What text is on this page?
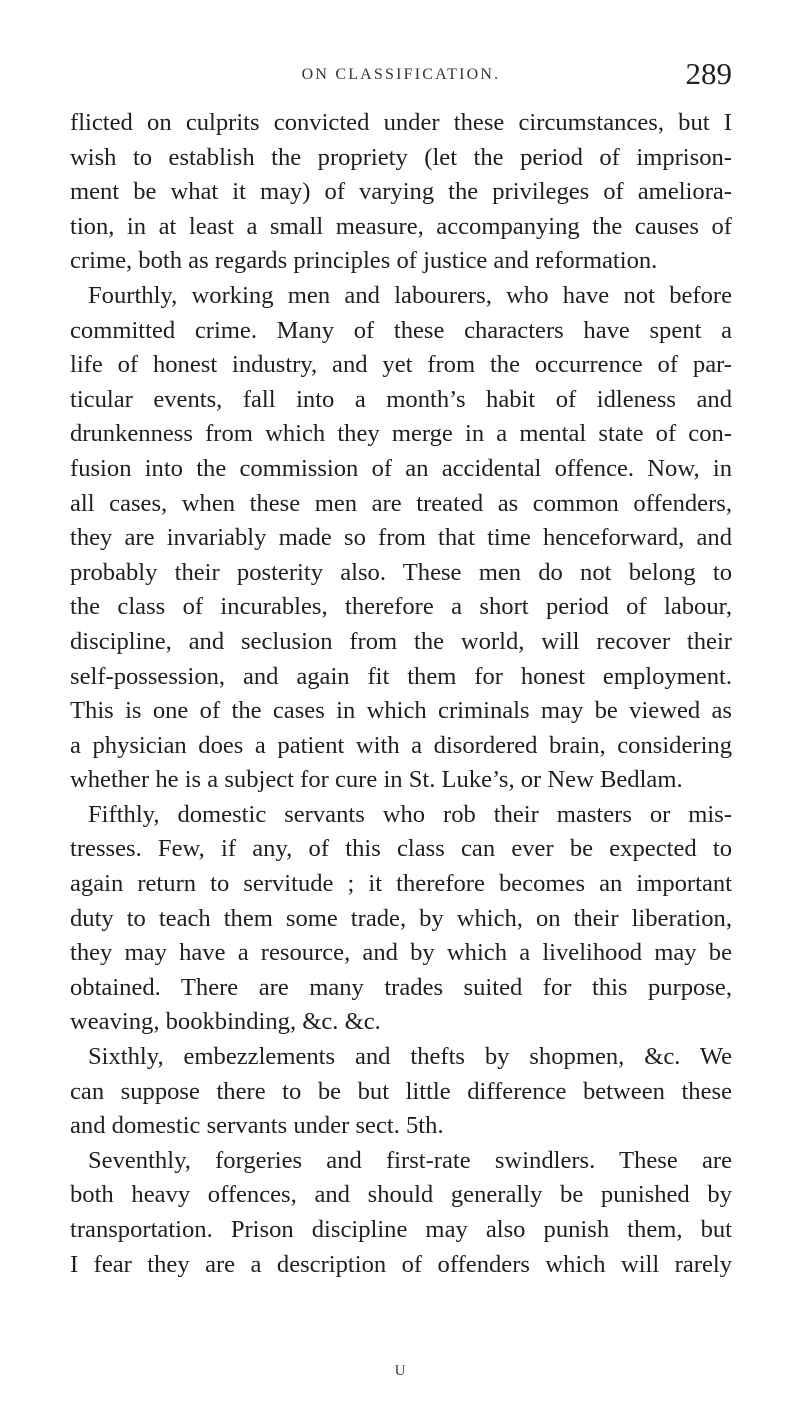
ON CLASSIFICATION.	289
flicted on culprits convicted under these circumstances, but I
wish to establish the propriety (let the period of imprison-
ment be what it may) of varying the privileges of ameliora-
tion, in at least a small measure, accompanying the causes of
crime, both as regards principles of justice and reformation.
Fourthly, working men and labourers, who have not before
committed crime. Many of these characters have spent a
life of honest industry, and yet from the occurrence of par-
ticular events, fall into a month’s habit of idleness and
drunkenness from which they merge in a mental state of con-
fusion into the commission of an accidental offence. Now, in
all cases, when these men are treated as common offenders,
they are invariably made so from that time henceforward, and
probably their posterity also. These men do not belong to
the class of incurables, therefore a short period of labour,
discipline, and seclusion from the world, will recover their
self-possession, and again fit them for honest employment.
This is one of the cases in which criminals may be viewed as
a physician does a patient with a disordered brain, considering
whether he is a subject for cure in St. Luke’s, or New Bedlam.
Fifthly, domestic servants who rob their masters or mis-
tresses. Few, if any, of this class can ever be expected to
again return to servitude ; it therefore becomes an important
duty to teach them some trade, by which, on their liberation,
they may have a resource, and by which a livelihood may be
obtained. There are many trades suited for this purpose,
weaving, bookbinding, &c. &c.
Sixthly, embezzlements and thefts by shopmen, &c. We
can suppose there to be but little difference between these
and domestic servants under sect. 5th.
Seventhly, forgeries and first-rate swindlers. These are
both heavy offences, and should generally be punished by
transportation. Prison discipline may also punish them, but
I fear they are a description of offenders which will rarely
U
